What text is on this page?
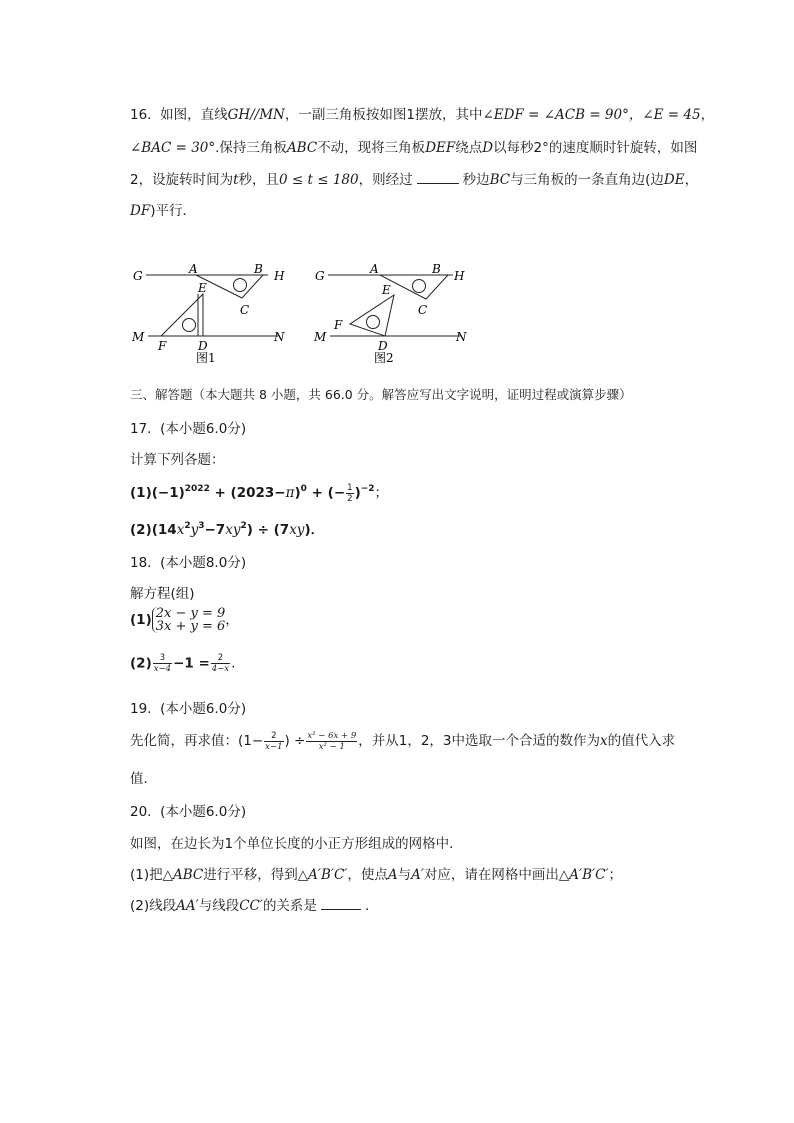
16. 如图，直线GH//MN，一副三角板按如图1摆放，其中∠EDF = ∠ACB = 90°，∠E = 45，
∠BAC = 30°.保持三角板ABC不动，现将三角板DEF绕点D以每秒2°的速度顺时针旋转，如图
2，设旋转时间为t秒，且0 ≤ t ≤ 180，则经过	秒边BC与三角板的一条直角边(边DE，
DF)平行．
G	A	B H
E
C
M
F	D
N
图1
G	A	B H
E
C
F
M
D
N
图2
三、解答题（本大题共 8 小题，共 66.0 分。解答应写出文字说明，证明过程或演算步骤）
17. (本小题6.0分)
计算下列各题：
$(1)(-1)^{2022} + (2023-\pi)^0$ + (− $\frac{1}{2} )^{-2}$；
$(2)(14x^2y^3-7xy^2) \div (7xy)$．
18. (本小题8.0分)
解方程(组)
(1) 2x − y = 9
3x + y = 6 ，
$(2) \frac{3}{x-4} -1 = \frac{2}{4-x}$ .
19. (本小题6.0分)
先化简，再求值：($1- \frac{2}{x-1}$ ) ÷ $\frac{\text{x² − 6x + 9}}{\text{x² − 1}}$ ，并从1，2，3中选取一个合适的数作为x的值代入求
值．
20. (本小题6.0分)
如图，在边长为1个单位长度的小正方形组成的网格中．
(1)把△ABC进行平移，得到△A′B′C′，使点A与A′对应，请在网格中画出△A′B′C′；
(2)线段AA′与线段CC′的关系是	．
